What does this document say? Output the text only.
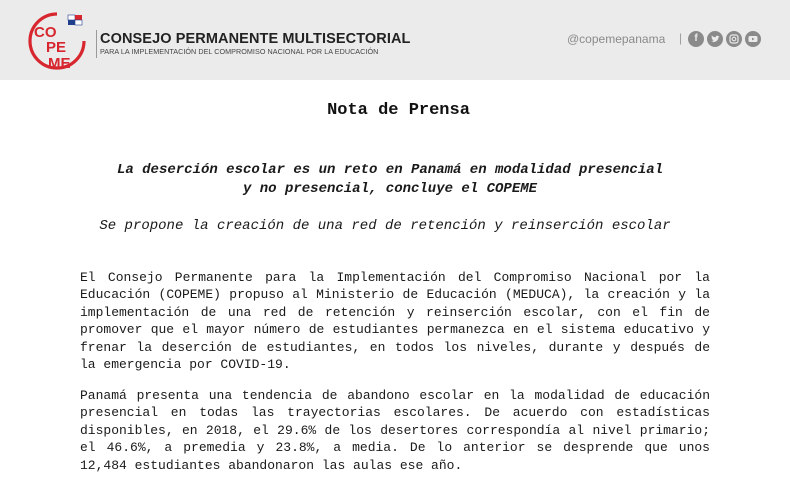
CO
PE
ME
CONSEJO PERMANENTE MULTISECTORIAL
PARA LA IMPLEMENTACIÓN DEL COMPROMISO NACIONAL POR LA EDUCACIÓN
@copemepanama |	f
Nota de Prensa
La deserción escolar es un reto en Panamá en modalidad presencial y no presencial, concluye el COPEME
Se propone la creación de una red de retención y reinserción escolar

El Consejo Permanente para la Implementación del Compromiso Nacional por la Educación (COPEME) propuso al Ministerio de Educación (MEDUCA), la creación y la implementación de una red de retención y reinserción escolar, con el fin de promover que el mayor número de estudiantes permanezca en el sistema educativo y frenar la deserción de estudiantes, en todos los niveles, durante y después de la emergencia por COVID-19.

Panamá presenta una tendencia de abandono escolar en la modalidad de educación presencial en todas las trayectorias escolares. De acuerdo con estadísticas disponibles, en 2018, el 29.6% de los desertores correspondía al nivel primario; el 46.6%, a premedia y 23.8%, a media. De lo anterior se desprende que unos 12,484 estudiantes abandonaron las aulas ese año.
